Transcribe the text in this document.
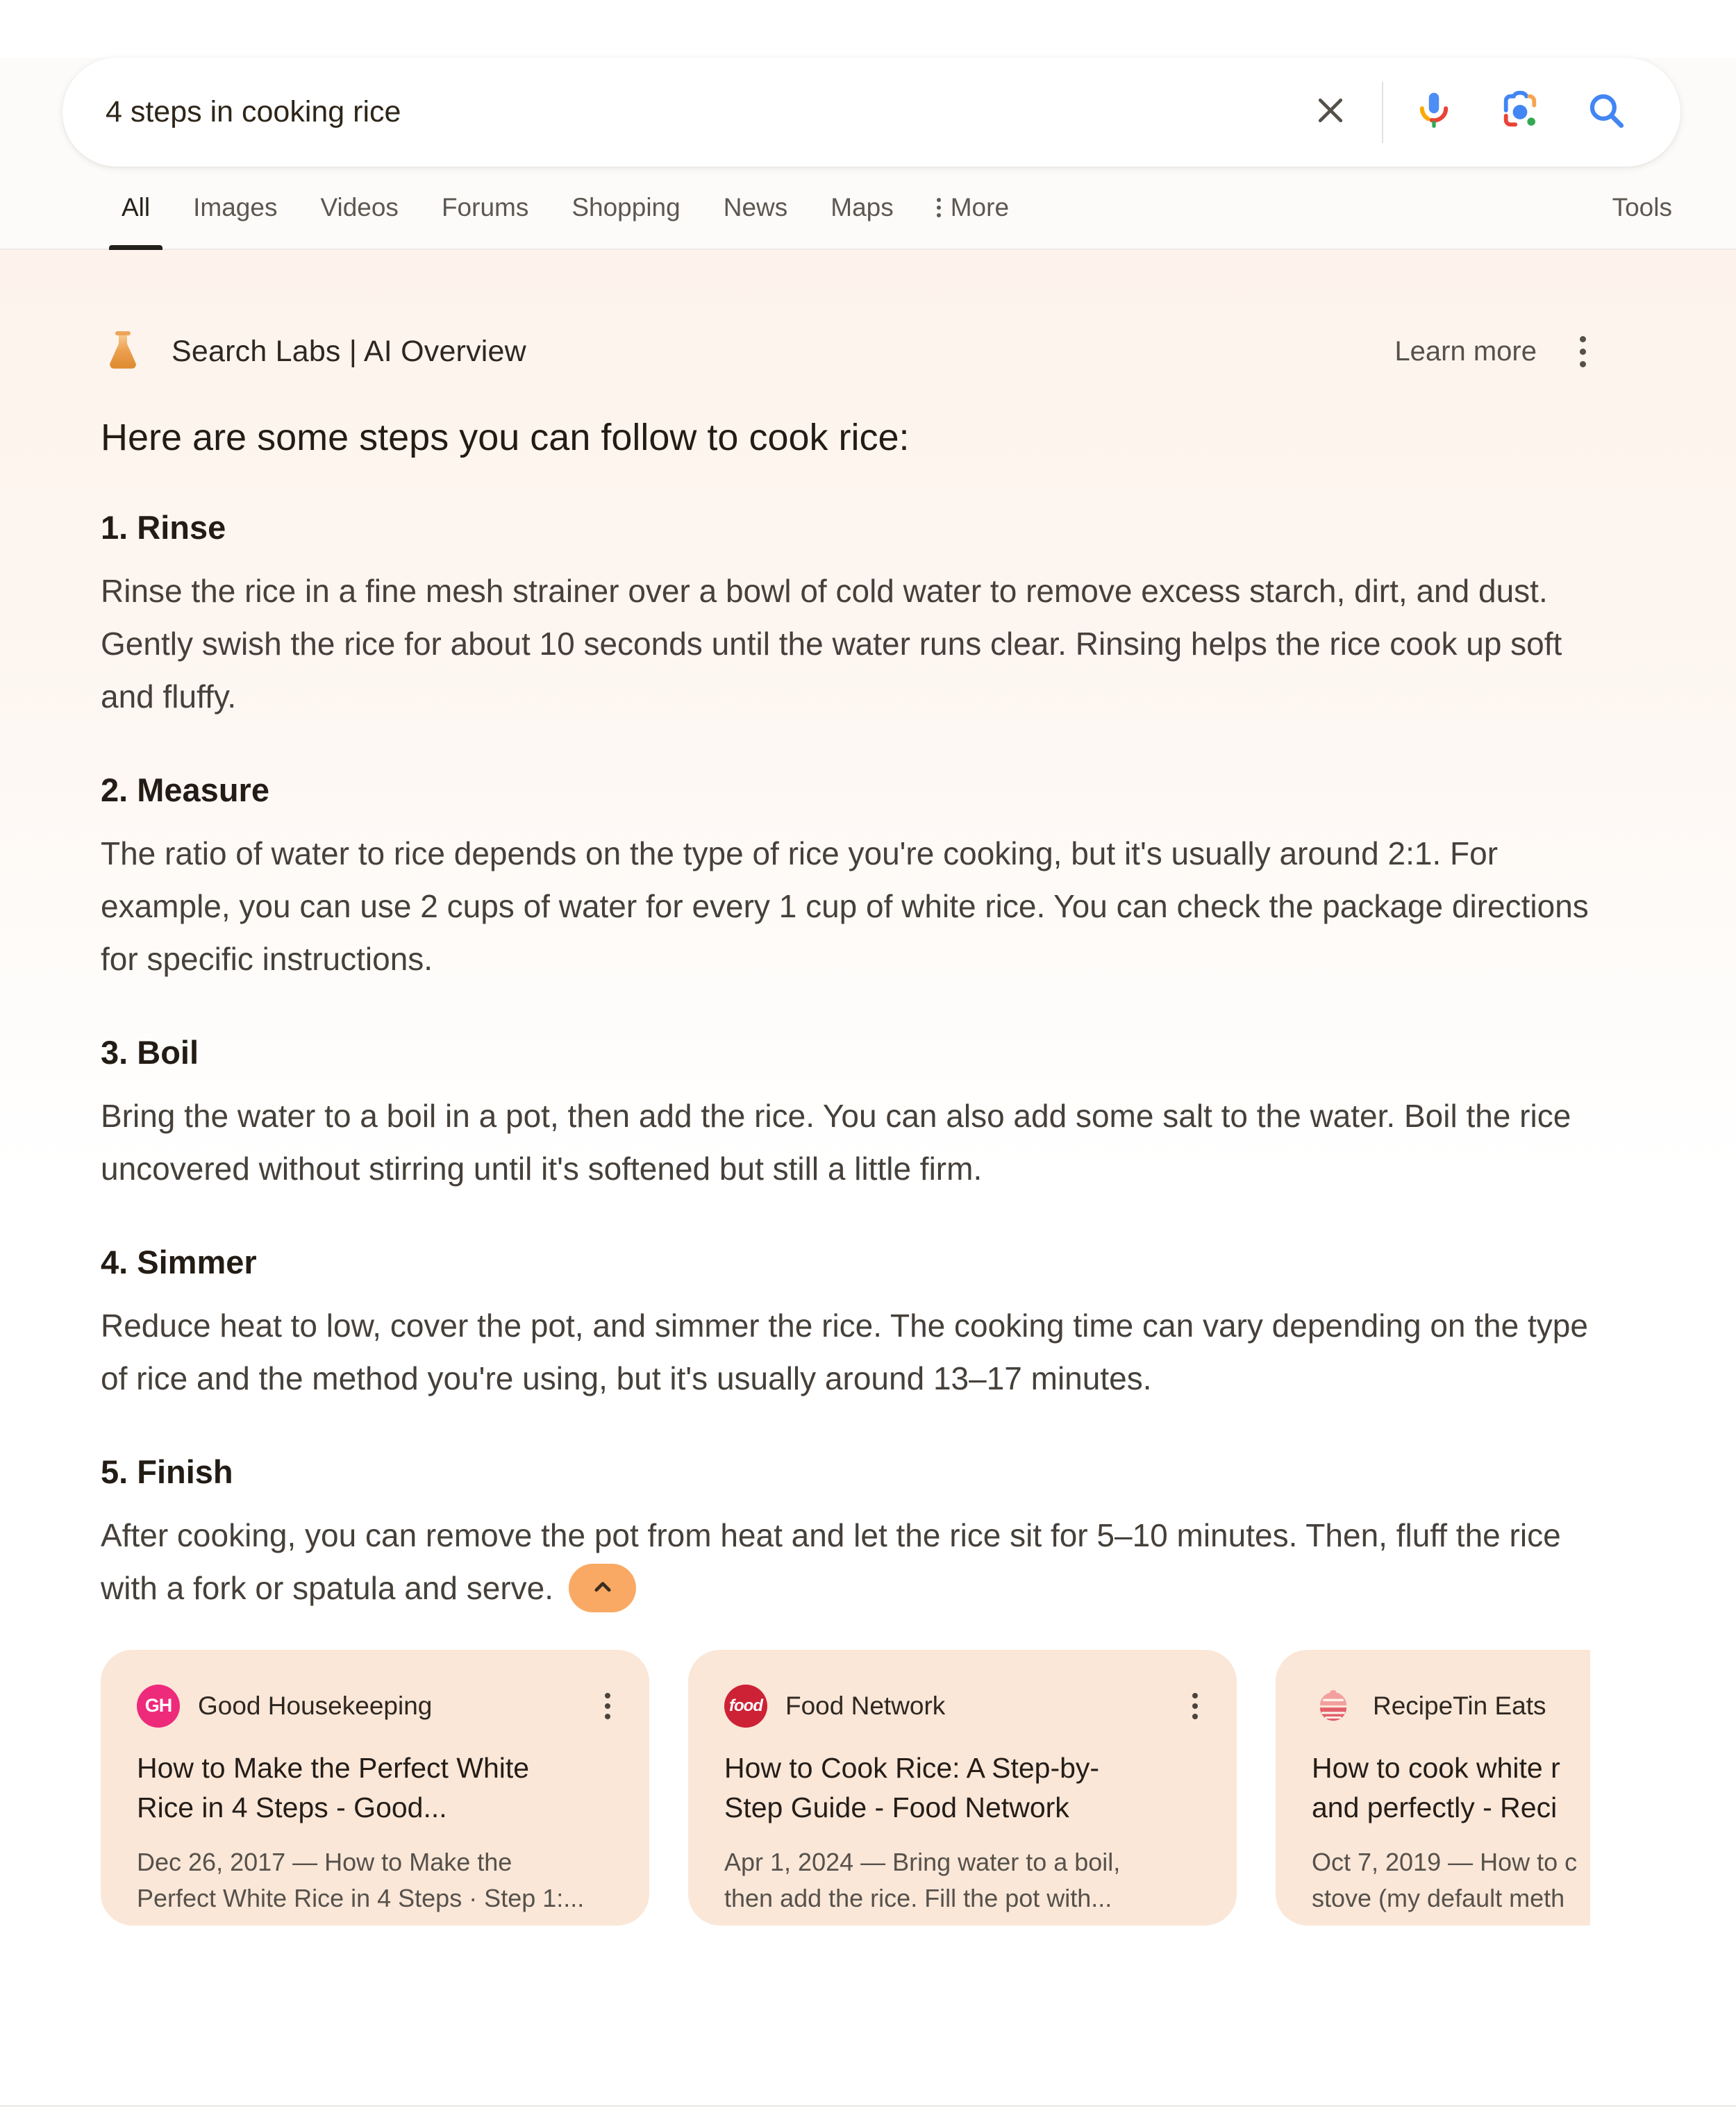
4 steps in cooking rice
All Images Videos Forums Shopping News Maps More	Tools
Search Labs | AI Overview	Learn more
Here are some steps you can follow to cook rice:
1. Rinse

Rinse the rice in a fine mesh strainer over a bowl of cold water to remove excess starch, dirt, and dust. Gently swish the rice for about 10 seconds until the water runs clear. Rinsing helps the rice cook up soft and fluffy.

2. Measure

The ratio of water to rice depends on the type of rice you're cooking, but it's usually around 2:1. For example, you can use 2 cups of water for every 1 cup of white rice. You can check the package directions for specific instructions.

3. Boil

Bring the water to a boil in a pot, then add the rice. You can also add some salt to the water. Boil the rice uncovered without stirring until it's softened but still a little firm.

4. Simmer

Reduce heat to low, cover the pot, and simmer the rice. The cooking time can vary depending on the type of rice and the method you're using, but it's usually around 13–17 minutes.

5. Finish

After cooking, you can remove the pot from heat and let the rice sit for 5–10 minutes. Then, fluff the rice with a fork or spatula and serve.

GH Good Housekeeping
How to Make the Perfect White
Rice in 4 Steps - Good...
Dec 26, 2017 — How to Make the
Perfect White Rice in 4 Steps · Step 1:...
food Food Network
How to Cook Rice: A Step-by-
Step Guide - Food Network
Apr 1, 2024 — Bring water to a boil,
then add the rice. Fill the pot with...
RecipeTin Eats
How to cook white r
and perfectly - Reci
Oct 7, 2019 — How to c
stove (my default meth
